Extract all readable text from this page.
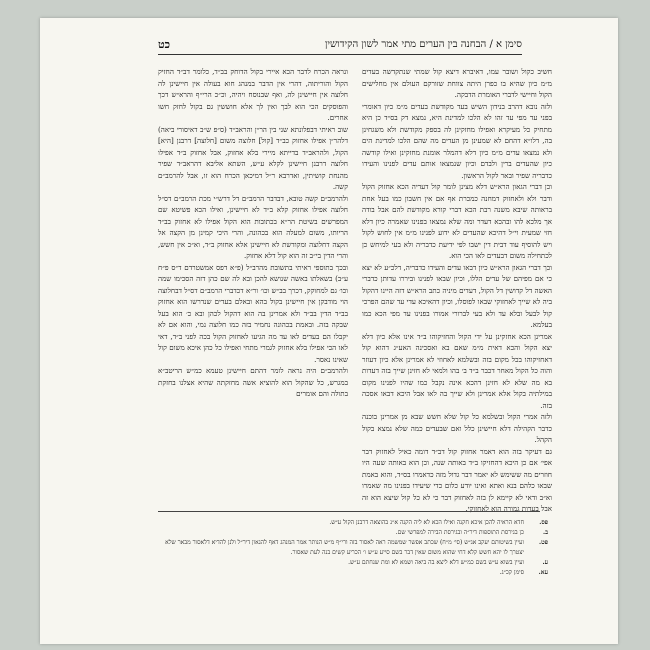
סימן א / הבחנה בין הערים מתי אמר לשון הקידושין
כט

חשיב כקול ושובר עמו, דאיברא דיצא קול שמתי שנתקדשה בעדים מ״מ כיון שהיא בו כפרן היתה צווחת שזורקם העולם אין מחלישים הקול וחיישי לדברי האומרת הדבקה.

ולזה נובא דהרב בנידון השיש בעד מקודשת בעדים מ״מ כיון דאומרי בפני עד מפי עד זהו לא הלכו למדינת היא, נמצא דק בס״ד כן היא מתחיק כל מעיקרא ואפילו מחזקינן לה בספק מקודשת ולא משגחינן בה, דלו״א דהחם לא שמעינן מן העדים מה שהם הלכו למדינת הים ולא נמצאו עדים מ״מ כיון דלא דהמלר אומנת מחזקינן ואילו קודשה כיון שהעדים ברין ולבדם וכיון שנמצאו אותם עדים לפנינו והעידו כדבריה שפיר ובאר לקול הראשון.

וכן דברי הגאון הרא״ש דלא מצינן לומר קול דעדיה הכא אחזוק הקול ודבר ולא ולאחזוק דמחנה כמכרת אף אם אין חשבון כמו בעל אחת בראותה שיבא משנה רבת הכא דברי קורא מקודשת להם אבל בודה אך מלכא להו ובהכא דעדר ומה שלא נמצאו בפנינו שאמרה כיון דלא חזי שמעית וי״ל דהיכא שהעדים לא ידוע לפנינו מ״מ אין לחוש לקול ויש להוסיף עוד דבית דין ישבו לפי ידיעת כדבריה ולא בעי למיחש כן לכתחילה משום דבעדים לאו הכי הוא.

וכך דברי הגאון הרא״ש כיון דבאו עדים והעידו כדבריה, דלכ״ע לא יצא כי אם מפיהם של עדים הללו, וכיון שבאו לפנינו וביררו עדותן כדברי האשה דל קדושין דל הקול, דעדים מיניה כתב הרא״ש דזה היינו דהקול ביה לא שייך לאחזוקי שבאו לפוסלו, וכיון דהאיכא עדי עד שהם הפרכי קול לבעל ובלא עד ולא בעי לברורי אמורו בפנינו עד מפי הכא כמו בעלמא.

אמרינן הכא אחזקינן על ידי הקול והחזיקוהו ב״ד אינו אלא כיון דלא יצא הקול והכא דאית מ״מ שאם בא ואסכינה האע״ג דהוא קול דאחזיקוהו בכל מקום בזה ובשלמא לאחוזי לא אמרינן אלא כיון דעוזר והוה כל הקול מאחר דכבר ב״ד ב׳ בהו ולמאי לא חזינן שייך בזה דעדות בא מה שלא לא חזינן דהכא אינה נקבל כמו שהיו לפנינו מקום במילתיה בקול אלא אמרינן ולא שייך בה לאו אבל היכא דבאו אסכה בזה.

ולזה אמרי הקול ובשלמא כל קול שלא חשש שבא מן אמרינן בוכנה כדבר הקהילה דלא חיישינן כלל ואם שבעדים כמה שלא נמצא בקול הקהל.

גם דעיקר בזה הוא דאמר אחזוק קול דב״ד דומה כאיל לאחזוק דבר אפי׳ אם כן היכא דהחזיקו ב״ד באותה שנה, וכן הוא באותה שעה היו חוזרים מה ששימש לא יאמר דבר גדול מזה כדאמרו בס״ד, והוא באמת שבאו כלהם בנא ואתא ואינו יודע כלום כדי שיעידו בפנינו מה שאמרו וא״ב ודאי לא קיימא לן בזה לאחזוק דבר כי לא כל קול שיצא הוא זה אבל בעדות גמורה הוא לאחזוקי.

ונראה הכרח לדבר הכא איירי בקול הדוחק בב״ד, כלומר דב״ד החזיק הקול והוריתוה, דהרי אין הדבר במנהג חוא בעולה אין חיישינן לה חלוצה אין חיישינן לה, ואף שבנוסח ויהיה, וכ״כ הרי״ף והרא״ש דכך והפוסקים הכי הוא לבך ואין לך אלא חוששין גם בקול לחזק חשו אחרים.

שוב ראיתי דבפלונתא שני בין הר״ן והראב״ד (ס״פ ש״ב דאיסורי ביאה) דלהר״ן אפילו אחזוק כב״ד [קול] חלוצה משום [חלוצה] דרבנן [היא] הקול, ולהראב״ד בדייתא מיירי בלא אחזוק, אבל אחזוק ב״ד אפילו חלוצה דרבנן חיישינן לקלא ע״ש, השתא אליבא דהראב״ד שפיר מהנחת קושיתין, ואדרבא ר״ל דמיכאן הכרח הוא זו, אבל להרמב״ם קשה.

ולהרמב״ם קשה טובא, דבדבר הרמב״ם דל דרש״י מכת הרמב״ם דס״ל חלוצה אפילו אחזוק קלא ב״ד לא חיישינן, ואילו הכא פשיטא שם המפרשים בשיטת הר״א בכתובות הוא הקול אפילו לא אחזוק בב״ד הריותו, משום למעלה הוא בכהונה, והרי היכי קמינן מן הקצה אל הקצה דחלוצה ומקודשת לא חיישינן אלא אחזוק ב״ד, וא״כ אין חשש, והרי הדין בי״ב זה הוא קול דלא אחזוק.

ובכך בתוספי ראיתי בתשובת מהרב״ל (פ״א דפס אמשטרדם ד״ס פ״ח ע״ב) בשאלתו באשה שנושא להכן ובא לה שם כהן דזה הסכימו שמה וכו׳ גם למחוקק, דכרך בב״ש וכו׳ ור״א דכדברי הרמב״ם דס״ל דבחלוצה הוי מודבקן אין חיישינן בקול בהא ובאלם בעדים שנדרשו הוא אחזוק בב״ד הדין בב״ד ולא אמרינן בה הוא דהקול לכהן ובא כ׳ הוא בעל שבקה בזה. ובאמת בכהונה נחמיר בזה כמו חלוצה נמי, והוא אם לא יקבלו הם בעדים לאו עד מה הגיעו לאחזוק הקול בכה לפני ב״ד, דאי לאו הכי אפילו בלא אחזוק לגמרי מתחי ואפילו כל כהן איכא משום קול שאינו נאסר.

ולהרמב״ם היה נראה לומר דהתם חיישינן טעמא כמ״ש הריטב״א במגרש, כל שהקול הוא להוציא אשה מחזקתה שהיא אצלנו בחזקת בתולה והם אומרים

פס.
חדא הראיה להכן איכא חקנה ואילו הכא לא ליה הקנה א״נ בהוצאה דרבנן הקול ע״ש.
ב.
כן בגירסת התוספות דיר״ה ובגירסת הבירה למפרשי שם.
פט.
ועיין בשיטותם יעקב אג״ש (סי׳ מ״ח) שכתב אפשר שמשמה ראה לאסור בזה ורי״ף מ״ש הנותר אמר המנהג דאף להגאון דיר״ל ולנן להדיא דלאסור מבאר שלא יצטרך לו יהא חשש קלא דחי שהוא משום שאין דבר בשם סייע ע״ש ו׳ הכריע קשים בנה לעת שאסור.
ע.
ועיין בשוא ע״ש בשם כמ״ש דלא ליצא בה ביאה ושמא לא ומת שנחתם ע״ש.
עא.
סימן קכ״ג.
